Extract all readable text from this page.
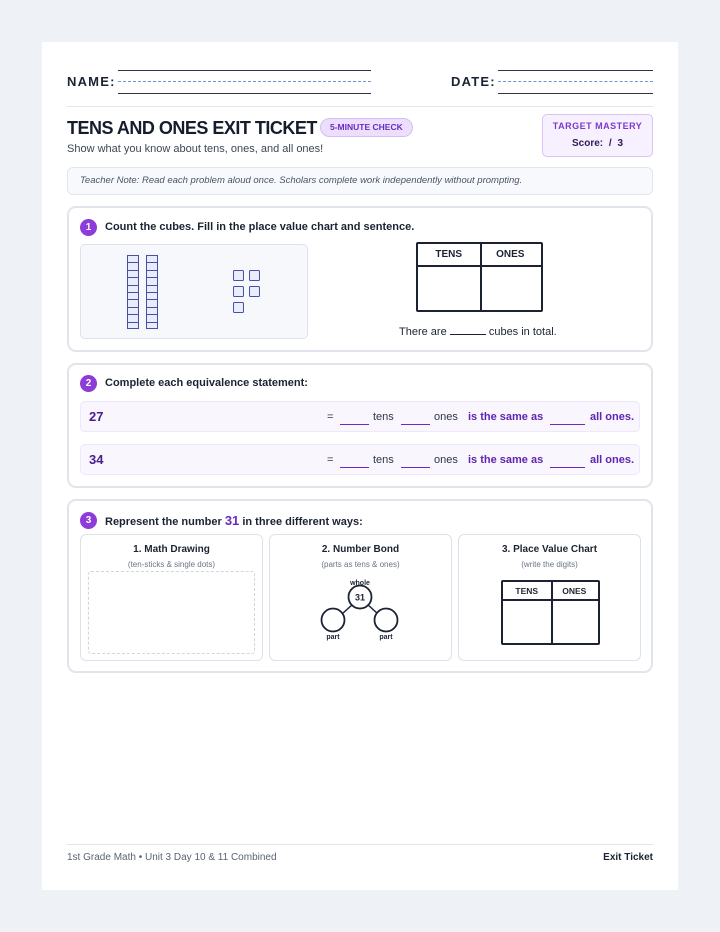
NAME:	DATE:
TENS AND ONES EXIT TICKET	5-MINUTE CHECK
Show what you know about tens, ones, and all ones!
TARGET MASTERY
Score: / 3
Teacher Note: Read each problem aloud once. Scholars complete work independently without prompting.
1	Count the cubes. Fill in the place value chart and sentence.
TENS	ONES
There are	cubes in total.
2	Complete each equivalence statement:
27	=	tens	ones is the same as	all ones.
34	=	tens	ones is the same as	all ones.
3	Represent the number 31 in three different ways:
1. Math Drawing
(ten-sticks & single dots)
2. Number Bond
(parts as tens & ones)
whole
31
part	part
3. Place Value Chart
(write the digits)
TENS	ONES
1st Grade Math • Unit 3 Day 10 & 11 Combined	Exit Ticket
